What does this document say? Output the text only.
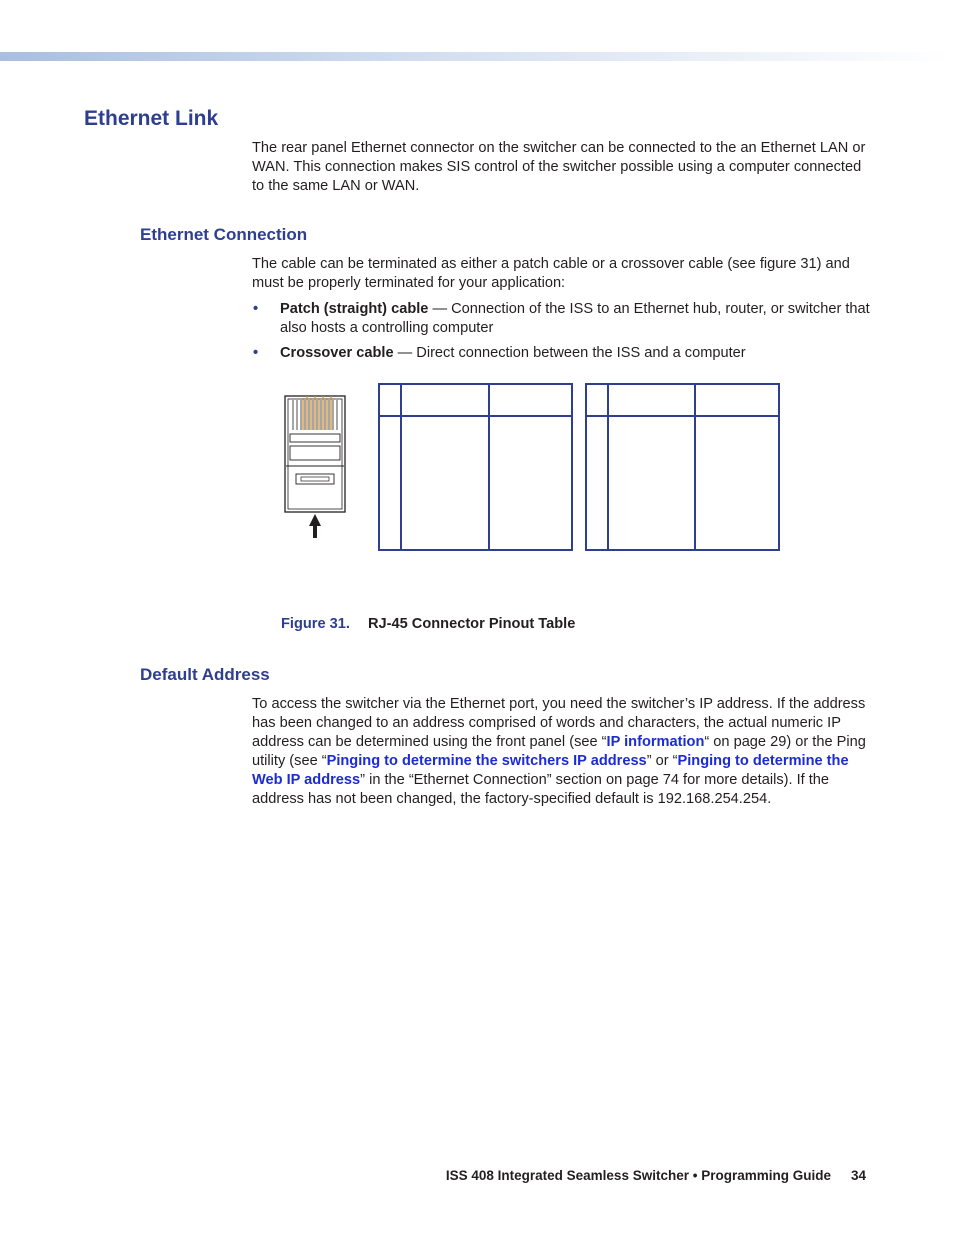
Ethernet Link

The rear panel Ethernet connector on the switcher can be connected to the an Ethernet LAN or WAN. This connection makes SIS control of the switcher possible using a computer connected to the same LAN or WAN.

Ethernet Connection

The cable can be terminated as either a patch cable or a crossover cable (see figure 31) and must be properly terminated for your application:

• Patch (straight) cable — Connection of the ISS to an Ethernet hub, router, or switcher that also hosts a controlling computer
• Crossover cable — Direct connection between the ISS and a computer
Figure 31. RJ-45 Connector Pinout Table
Default Address

To access the switcher via the Ethernet port, you need the switcher’s IP address. If the address has been changed to an address comprised of words and characters, the actual numeric IP address can be determined using the front panel (see “IP information“ on page 29) or the Ping utility (see “Pinging to determine the switchers IP address” or “Pinging to determine the Web IP address” in the “Ethernet Connection” section on page 74 for more details). If the address has not been changed, the factory-specified default is 192.168.254.254.

ISS 408 Integrated Seamless Switcher • Programming Guide 34
